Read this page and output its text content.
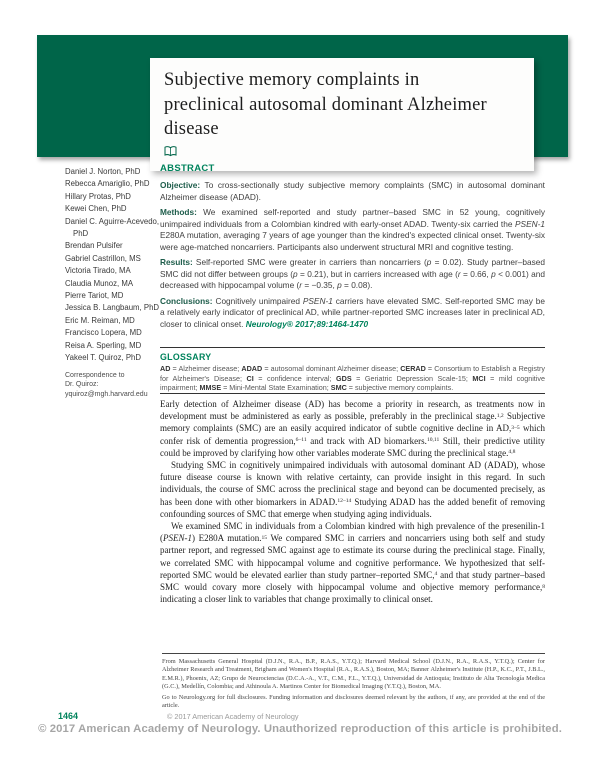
Subjective memory complaints in
preclinical autosomal dominant Alzheimer
disease
Daniel J. Norton, PhD
Rebecca Amariglio, PhD
Hillary Protas, PhD
Kewei Chen, PhD
Daniel C. Aguirre-Acevedo, PhD
Brendan Pulsifer
Gabriel Castrillon, MS
Victoria Tirado, MA
Claudia Munoz, MA
Pierre Tariot, MD
Jessica B. Langbaum, PhD
Eric M. Reiman, MD
Francisco Lopera, MD
Reisa A. Sperling, MD
Yakeel T. Quiroz, PhD
Correspondence to
Dr. Quiroz:
yquiroz@mgh.harvard.edu
ABSTRACT

Objective: To cross-sectionally study subjective memory complaints (SMC) in autosomal dominant Alzheimer disease (ADAD).

Methods: We examined self-reported and study partner–based SMC in 52 young, cognitively unimpaired individuals from a Colombian kindred with early-onset ADAD. Twenty-six carried the PSEN-1 E280A mutation, averaging 7 years of age younger than the kindred's expected clinical onset. Twenty-six were age-matched noncarriers. Participants also underwent structural MRI and cognitive testing.

Results: Self-reported SMC were greater in carriers than noncarriers (p = 0.02). Study partner–based SMC did not differ between groups (p = 0.21), but in carriers increased with age (r = 0.66, p < 0.001) and decreased with hippocampal volume (r = −0.35, p = 0.08).

Conclusions: Cognitively unimpaired PSEN-1 carriers have elevated SMC. Self-reported SMC may be a relatively early indicator of preclinical AD, while partner-reported SMC increases later in preclinical AD, closer to clinical onset. Neurology® 2017;89:1464-1470

GLOSSARY

AD = Alzheimer disease; ADAD = autosomal dominant Alzheimer disease; CERAD = Consortium to Establish a Registry for Alzheimer's Disease; CI = confidence interval; GDS = Geriatric Depression Scale-15; MCI = mild cognitive impairment; MMSE = Mini-Mental State Examination; SMC = subjective memory complaints.

Early detection of Alzheimer disease (AD) has become a priority in research, as treatments now in development must be administered as early as possible, preferably in the preclinical stage.$^{1,2}$ Subjective memory complaints (SMC) are an easily acquired indicator of subtle cognitive decline in AD,$^{3-5}$ which confer risk of dementia progression,$^{6-11}$ and track with AD biomarkers.$^{10,11}$ Still, their predictive utility could be improved by clarifying how other variables moderate SMC during the preclinical stage.$^{4,8}$

Studying SMC in cognitively unimpaired individuals with autosomal dominant AD (ADAD), whose future disease course is known with relative certainty, can provide insight in this regard. In such individuals, the course of SMC across the preclinical stage and beyond can be documented precisely, as has been done with other biomarkers in ADAD.$^{12-14}$ Studying ADAD has the added benefit of removing confounding sources of SMC that emerge when studying aging individuals.

We examined SMC in individuals from a Colombian kindred with high prevalence of the presenilin-1 (PSEN-1) E280A mutation.$^{15}$ We compared SMC in carriers and noncarriers using both self and study partner report, and regressed SMC against age to estimate its course during the preclinical stage. Finally, we correlated SMC with hippocampal volume and cognitive performance. We hypothesized that self-reported SMC would be elevated earlier than study partner–reported SMC,$^4$ and that study partner–based SMC would covary more closely with hippocampal volume and objective memory performance,$^8$ indicating a closer link to variables that change proximally to clinical onset.

From Massachusetts General Hospital (D.J.N., R.A., B.P., R.A.S., Y.T.Q.); Harvard Medical School (D.J.N., R.A., R.A.S., Y.T.Q.); Center for Alzheimer Research and Treatment, Brigham and Women's Hospital (R.A., R.A.S.), Boston, MA; Banner Alzheimer's Institute (H.P., K.C., P.T., J.B.L., E.M.R.), Phoenix, AZ; Grupo de Neurociencias (D.C.A.-A., V.T., C.M., F.L., Y.T.Q.), Universidad de Antioquia; Instituto de Alta Tecnología Medica (G.C.), Medellín, Colombia; and Athinoula A. Martinos Center for Biomedical Imaging (Y.T.Q.), Boston, MA.

Go to Neurology.org for full disclosures. Funding information and disclosures deemed relevant by the authors, if any, are provided at the end of the article.

1464	© 2017 American Academy of Neurology
© 2017 American Academy of Neurology. Unauthorized reproduction of this article is prohibited.
